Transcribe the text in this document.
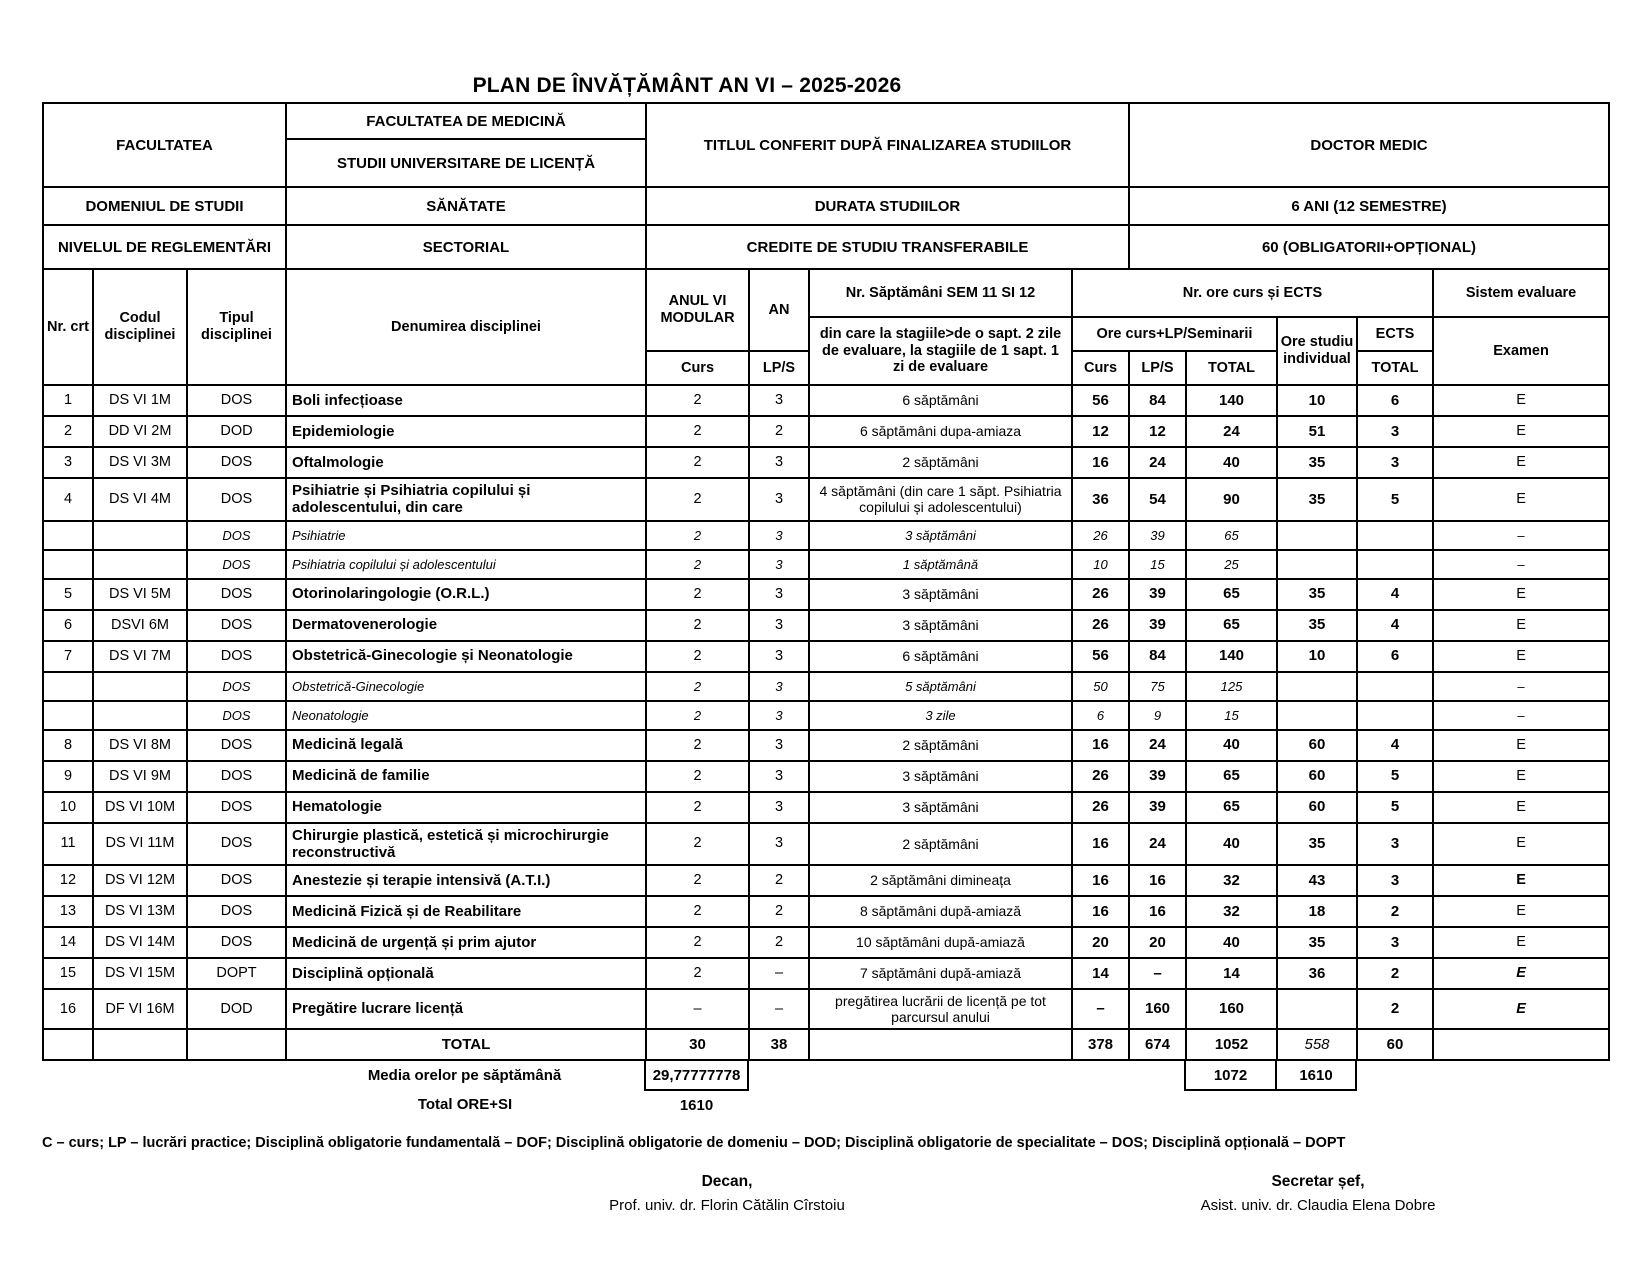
PLAN DE ÎNVĂȚĂMÂNT AN VI – 2025-2026
FACULTATEA	FACULTATEA DE MEDICINĂ	TITLUL CONFERIT DUPĂ FINALIZAREA STUDIILOR	DOCTOR MEDIC
	STUDII UNIVERSITARE DE LICENȚĂ		
DOMENIUL DE STUDII	SĂNĂTATE	DURATA STUDIILOR	6 ANI (12 SEMESTRE)
NIVELUL DE REGLEMENTĂRI	SECTORIAL	CREDITE DE STUDIU TRANSFERABILE	60 (OBLIGATORII+OPȚIONAL)
Nr. crt	Codul disciplinei	Tipul disciplinei	Denumirea disciplinei	ANUL VI MODULAR	AN	Nr. Săptămâni SEM 11 SI 12	Nr. ore curs și ECTS					Sistem evaluare
						din care la stagiile>de o sapt. 2 zile de evaluare, la stagiile de 1 sapt. 1 zi de evaluare	Ore curs+LP/Seminarii			Ore studiu individual	ECTS	Examen
				Curs	LP/S		Curs	LP/S	TOTAL		TOTAL	
1	DS VI 1M	DOS	Boli infecțioase	2	3	6 săptămâni	56	84	140	10	6	E
2	DD VI 2M	DOD	Epidemiologie	2	2	6 săptămâni dupa-amiaza	12	12	24	51	3	E
3	DS VI 3M	DOS	Oftalmologie	2	3	2 săptămâni	16	24	40	35	3	E
4	DS VI 4M	DOS	Psihiatrie și Psihiatria copilului și adolescentului, din care	2	3	4 săptămâni (din care 1 săpt. Psihiatria copilului și adolescentului)	36	54	90	35	5	E
		DOS	Psihiatrie	2	3	3 săptămâni	26	39	65			–
		DOS	Psihiatria copilului și adolescentului	2	3	1 săptămână	10	15	25			–
5	DS VI 5M	DOS	Otorinolaringologie (O.R.L.)	2	3	3 săptămâni	26	39	65	35	4	E
6	DSVI 6M	DOS	Dermatovenerologie	2	3	3 săptămâni	26	39	65	35	4	E
7	DS VI 7M	DOS	Obstetrică-Ginecologie și Neonatologie	2	3	6 săptămâni	56	84	140	10	6	E
		DOS	Obstetrică-Ginecologie	2	3	5 săptămâni	50	75	125			–
		DOS	Neonatologie	2	3	3 zile	6	9	15			–
8	DS VI 8M	DOS	Medicină legală	2	3	2 săptămâni	16	24	40	60	4	E
9	DS VI 9M	DOS	Medicină de familie	2	3	3 săptămâni	26	39	65	60	5	E
10	DS VI 10M	DOS	Hematologie	2	3	3 săptămâni	26	39	65	60	5	E
11	DS VI 11M	DOS	Chirurgie plastică, estetică și microchirurgie reconstructivă	2	3	2 săptămâni	16	24	40	35	3	E
12	DS VI 12M	DOS	Anestezie și terapie intensivă (A.T.I.)	2	2	2 săptămâni dimineața	16	16	32	43	3	E
13	DS VI 13M	DOS	Medicină Fizică și de Reabilitare	2	2	8 săptămâni după-amiază	16	16	32	18	2	E
14	DS VI 14M	DOS	Medicină de urgență și prim ajutor	2	2	10 săptămâni după-amiază	20	20	40	35	3	E
15	DS VI 15M	DOPT	Disciplină opțională	2	–	7 săptămâni după-amiază	14	–	14	36	2	E
16	DF VI 16M	DOD	Pregătire lucrare licență	–	–	pregătirea lucrării de licență pe tot parcursul anului	–	160	160		2	E
			TOTAL	30	38		378	674	1052	558	60	
	Media orelor pe săptămână	29,77777778					1072	1610		
	Total ORE+SI	1610								
C – curs; LP – lucrări practice; Disciplină obligatorie fundamentală – DOF; Disciplină obligatorie de domeniu – DOD; Disciplină obligatorie de specialitate – DOS; Disciplină opțională – DOPT
Decan,
Prof. univ. dr. Florin Cătălin Cîrstoiu
Secretar șef,
Asist. univ. dr. Claudia Elena Dobre
